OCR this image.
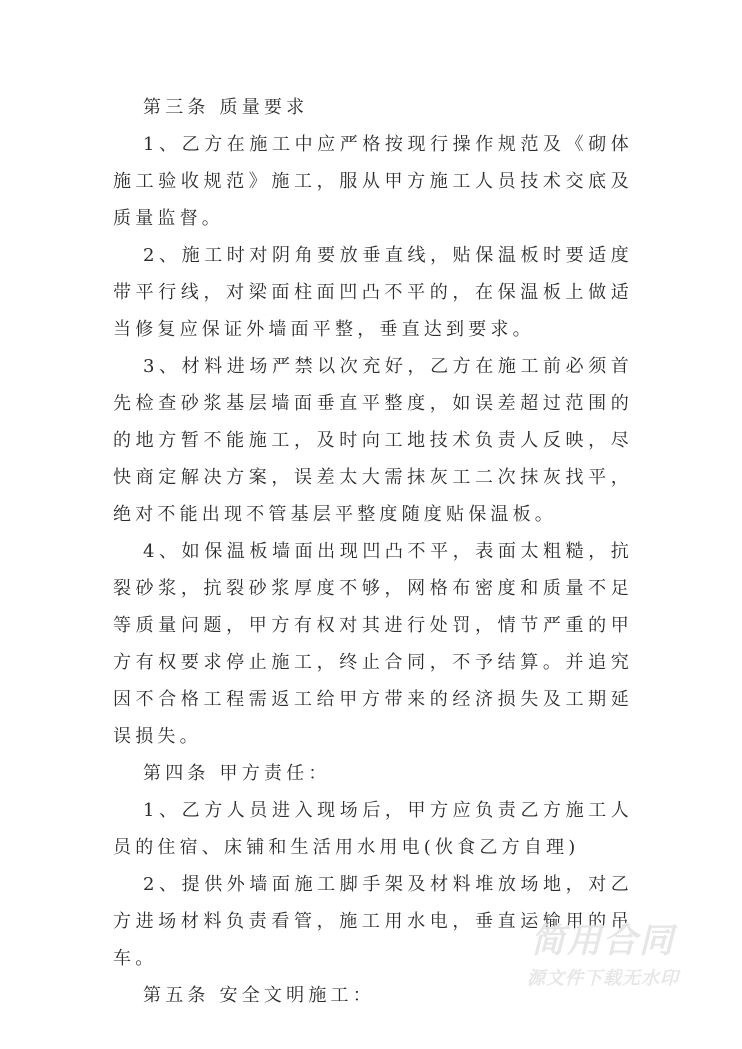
第三条 质量要求

1、乙方在施工中应严格按现行操作规范及《砌体施工验收规范》施工，服从甲方施工人员技术交底及质量监督。

2、施工时对阴角要放垂直线，贴保温板时要适度带平行线，对梁面柱面凹凸不平的，在保温板上做适当修复应保证外墙面平整，垂直达到要求。

3、材料进场严禁以次充好，乙方在施工前必须首先检查砂浆基层墙面垂直平整度，如误差超过范围的的地方暂不能施工，及时向工地技术负责人反映，尽快商定解决方案，误差太大需抹灰工二次抹灰找平，绝对不能出现不管基层平整度随度贴保温板。

4、如保温板墙面出现凹凸不平，表面太粗糙，抗裂砂浆，抗裂砂浆厚度不够，网格布密度和质量不足等质量问题，甲方有权对其进行处罚，情节严重的甲方有权要求停止施工，终止合同，不予结算。并追究因不合格工程需返工给甲方带来的经济损失及工期延误损失。

第四条 甲方责任：

1、乙方人员进入现场后，甲方应负责乙方施工人员的住宿、床铺和生活用水用电(伙食乙方自理)

2、提供外墙面施工脚手架及材料堆放场地，对乙方进场材料负责看管，施工用水电，垂直运输用的吊车。

第五条 安全文明施工：

简用合同
源文件下载无水印
